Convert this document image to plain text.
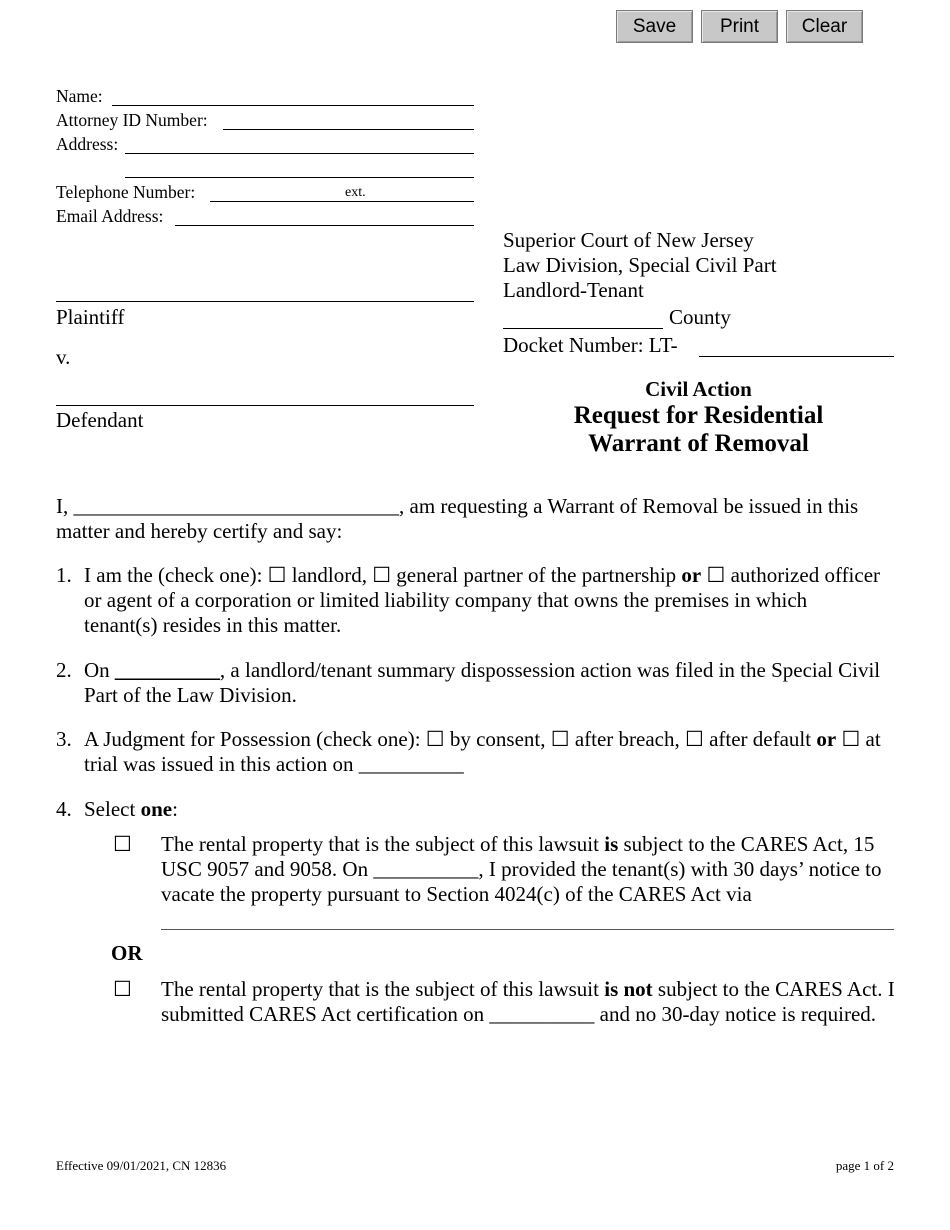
Save	Print	Clear
Name:
Attorney ID Number:
Address:
Telephone Number:	ext.
Email Address:
Plaintiff
v.
Defendant
Superior Court of New Jersey
Law Division, Special Civil Part
Landlord-Tenant
County
Docket Number: LT-
Civil Action
Request for Residential
Warrant of Removal
I, _______________________________, am requesting a Warrant of Removal be issued in this
matter and hereby certify and say:
1. I am the (check one): ☐ landlord, ☐ general partner of the partnership or ☐ authorized officer or agent of a corporation or limited liability company that owns the premises in which tenant(s) resides in this matter.
2. On __________, a landlord/tenant summary dispossession action was filed in the Special Civil Part of the Law Division.
3. A Judgment for Possession (check one): ☐ by consent, ☐ after breach, ☐ after default or ☐ at trial was issued in this action on __________
4. Select one:
☐ The rental property that is the subject of this lawsuit is subject to the CARES Act, 15 USC 9057 and 9058. On __________, I provided the tenant(s) with 30 days’ notice to vacate the property pursuant to Section 4024(c) of the CARES Act via
OR
☐ The rental property that is the subject of this lawsuit is not subject to the CARES Act. I submitted CARES Act certification on __________ and no 30-day notice is required.
Effective 09/01/2021, CN 12836	page 1 of 2
